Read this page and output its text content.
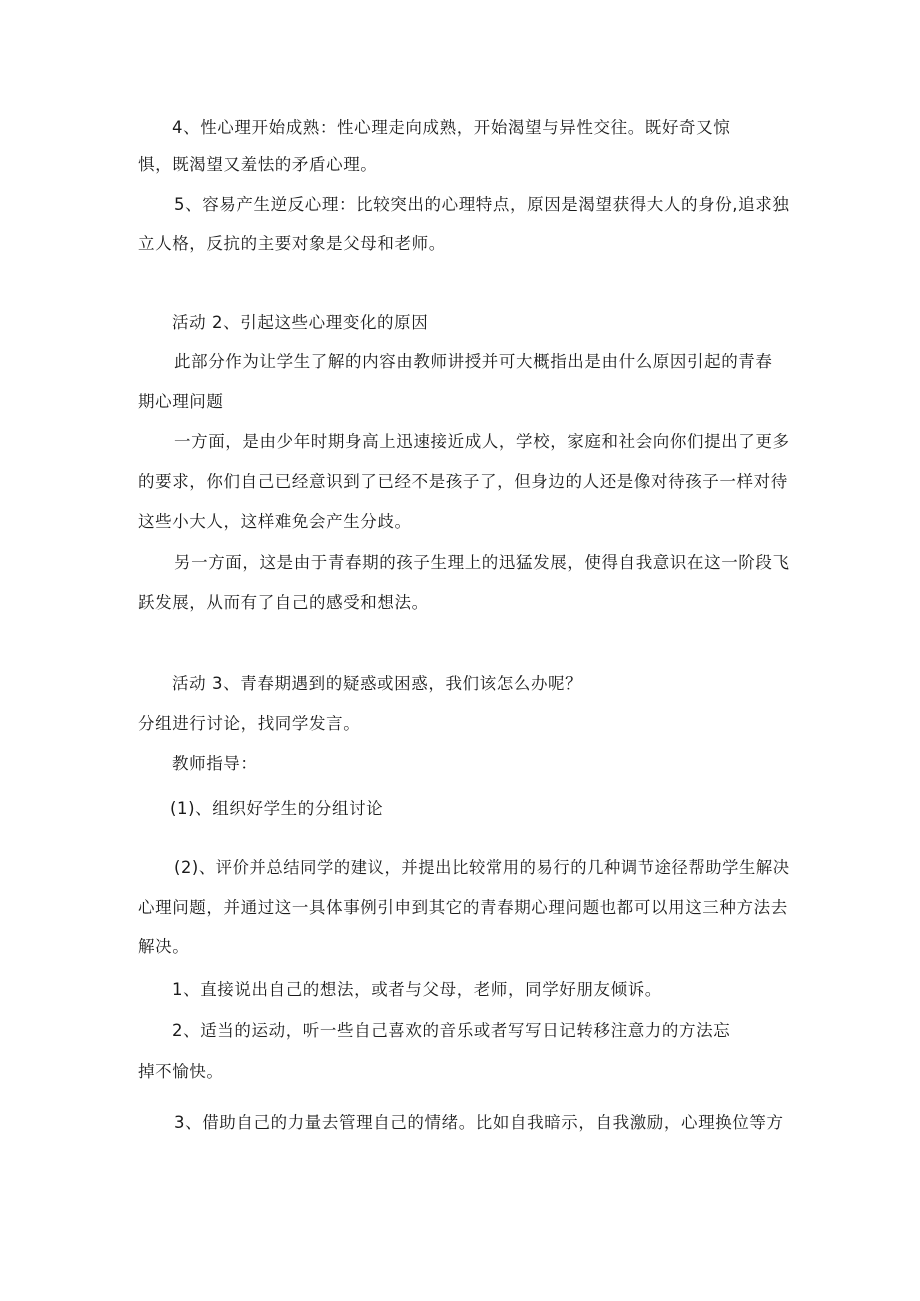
4、性心理开始成熟：性心理走向成熟，开始渴望与异性交往。既好奇又惊
惧，既渴望又羞怯的矛盾心理。
5、容易产生逆反心理：比较突出的心理特点，原因是渴望获得大人的身份,追求独
立人格，反抗的主要对象是父母和老师。
活动 2、引起这些心理变化的原因
此部分作为让学生了解的内容由教师讲授并可大概指出是由什么原因引起的青春
期心理问题
一方面，是由少年时期身高上迅速接近成人，学校，家庭和社会向你们提出了更多
的要求，你们自己已经意识到了已经不是孩子了，但身边的人还是像对待孩子一样对待
这些小大人，这样难免会产生分歧。
另一方面，这是由于青春期的孩子生理上的迅猛发展，使得自我意识在这一阶段飞
跃发展，从而有了自己的感受和想法。
活动 3、青春期遇到的疑惑或困惑，我们该怎么办呢？
分组进行讨论，找同学发言。
教师指导：
(1)、组织好学生的分组讨论
(2)、评价并总结同学的建议，并提出比较常用的易行的几种调节途径帮助学生解决
心理问题，并通过这一具体事例引申到其它的青春期心理问题也都可以用这三种方法去
解决。
1、直接说出自己的想法，或者与父母，老师，同学好朋友倾诉。
2、适当的运动，听一些自己喜欢的音乐或者写写日记转移注意力的方法忘
掉不愉快。
3、借助自己的力量去管理自己的情绪。比如自我暗示，自我激励，心理换位等方
